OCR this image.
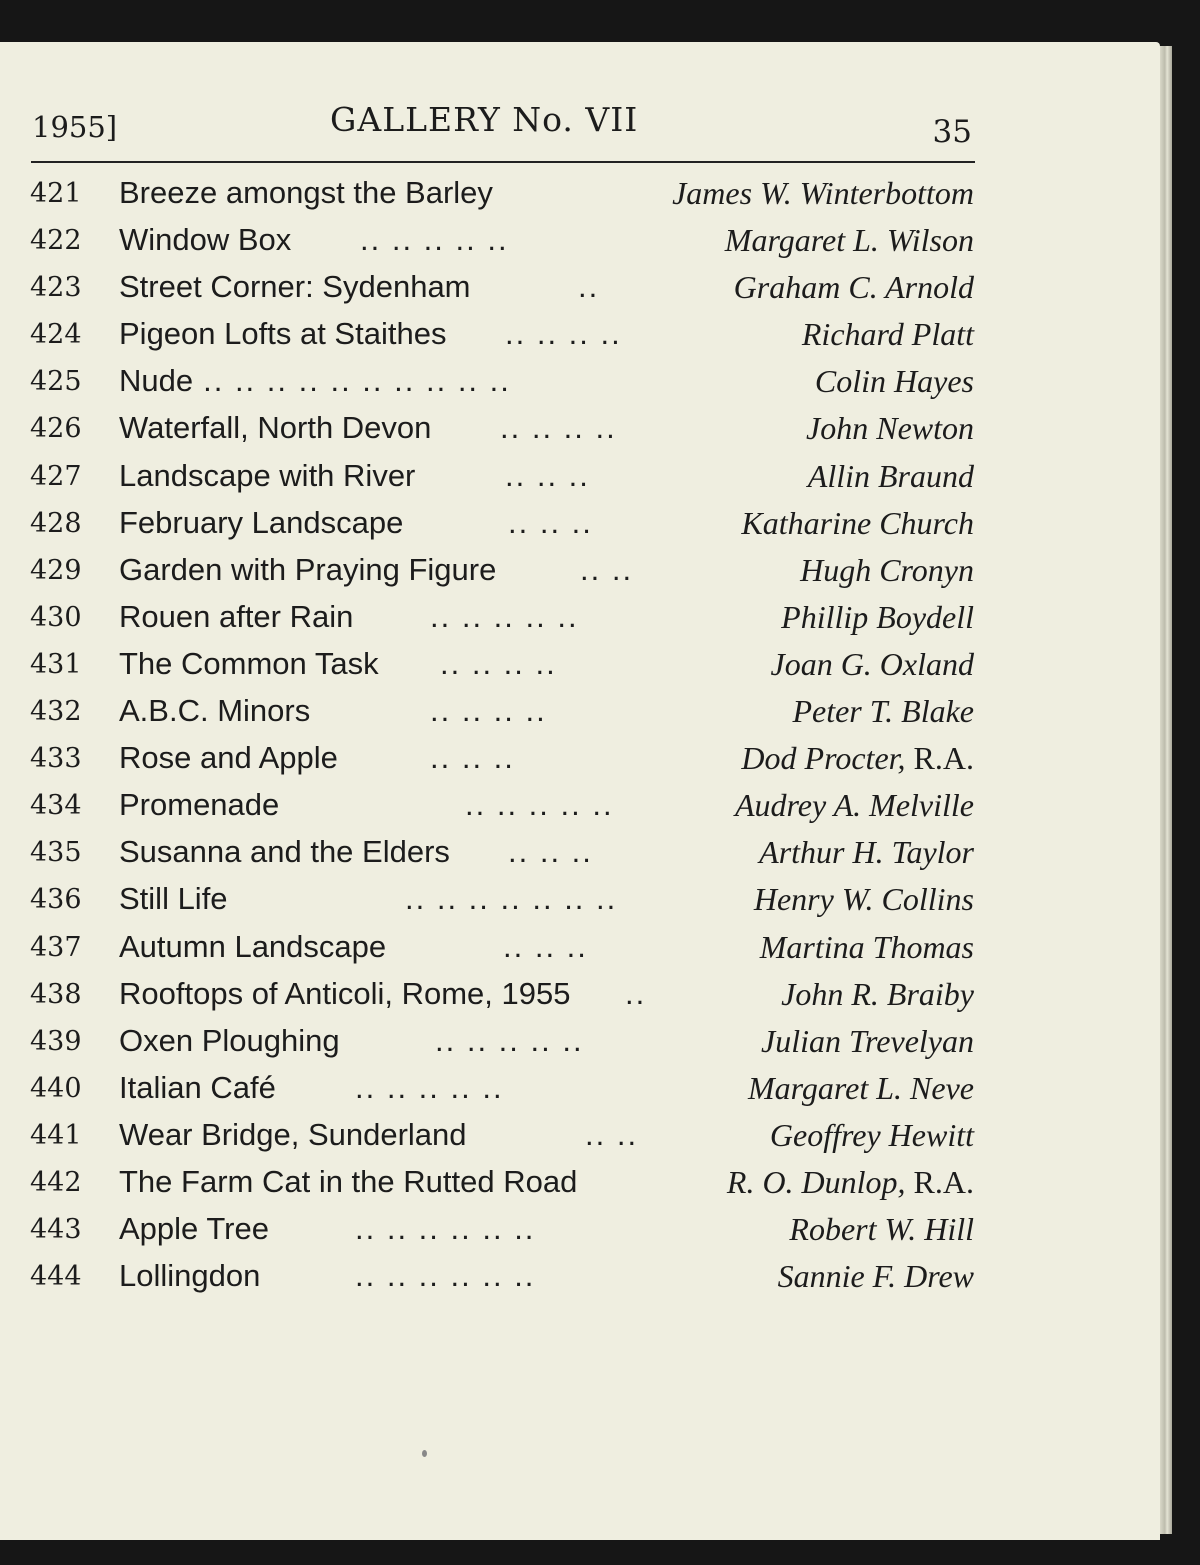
1955]	GALLERY No. VII	35
421 Breeze amongst the Barley	James W. Winterbottom
422 Window Box .. .. .. .. ..	Margaret L. Wilson
423 Street Corner: Sydenham	..	Graham C. Arnold
424 Pigeon Lofts at Staithes .. .. .. ..	Richard Platt
425 Nude .. .. .. .. .. .. .. .. .. ..	Colin Hayes
426 Waterfall, North Devon .. .. .. ..	John Newton
427 Landscape with River	.. .. ..	Allin Braund
428 February Landscape	.. .. ..	Katharine Church
429 Garden with Praying Figure	.. ..	Hugh Cronyn
430 Rouen after Rain .. .. .. .. ..	Phillip Boydell
431 The Common Task .. .. .. ..	Joan G. Oxland
432 A.B.C. Minors	.. .. .. ..	Peter T. Blake
433 Rose and Apple	.. .. ..	Dod Procter, R.A.
434 Promenade	.. .. .. .. ..	Audrey A. Melville
435 Susanna and the Elders .. .. ..	Arthur H. Taylor
436 Still Life	.. .. .. .. .. .. ..	Henry W. Collins
437 Autumn Landscape	.. .. ..	Martina Thomas
438 Rooftops of Anticoli, Rome, 1955 ..	John R. Braiby
439 Oxen Ploughing	.. .. .. .. ..	Julian Trevelyan
440 Italian Café	.. .. .. .. ..	Margaret L. Neve
441 Wear Bridge, Sunderland	.. ..	Geoffrey Hewitt
442 The Farm Cat in the Rutted Road	R. O. Dunlop, R.A.
443 Apple Tree	.. .. .. .. .. ..	Robert W. Hill
444 Lollingdon	.. .. .. .. .. ..	Sannie F. Drew
